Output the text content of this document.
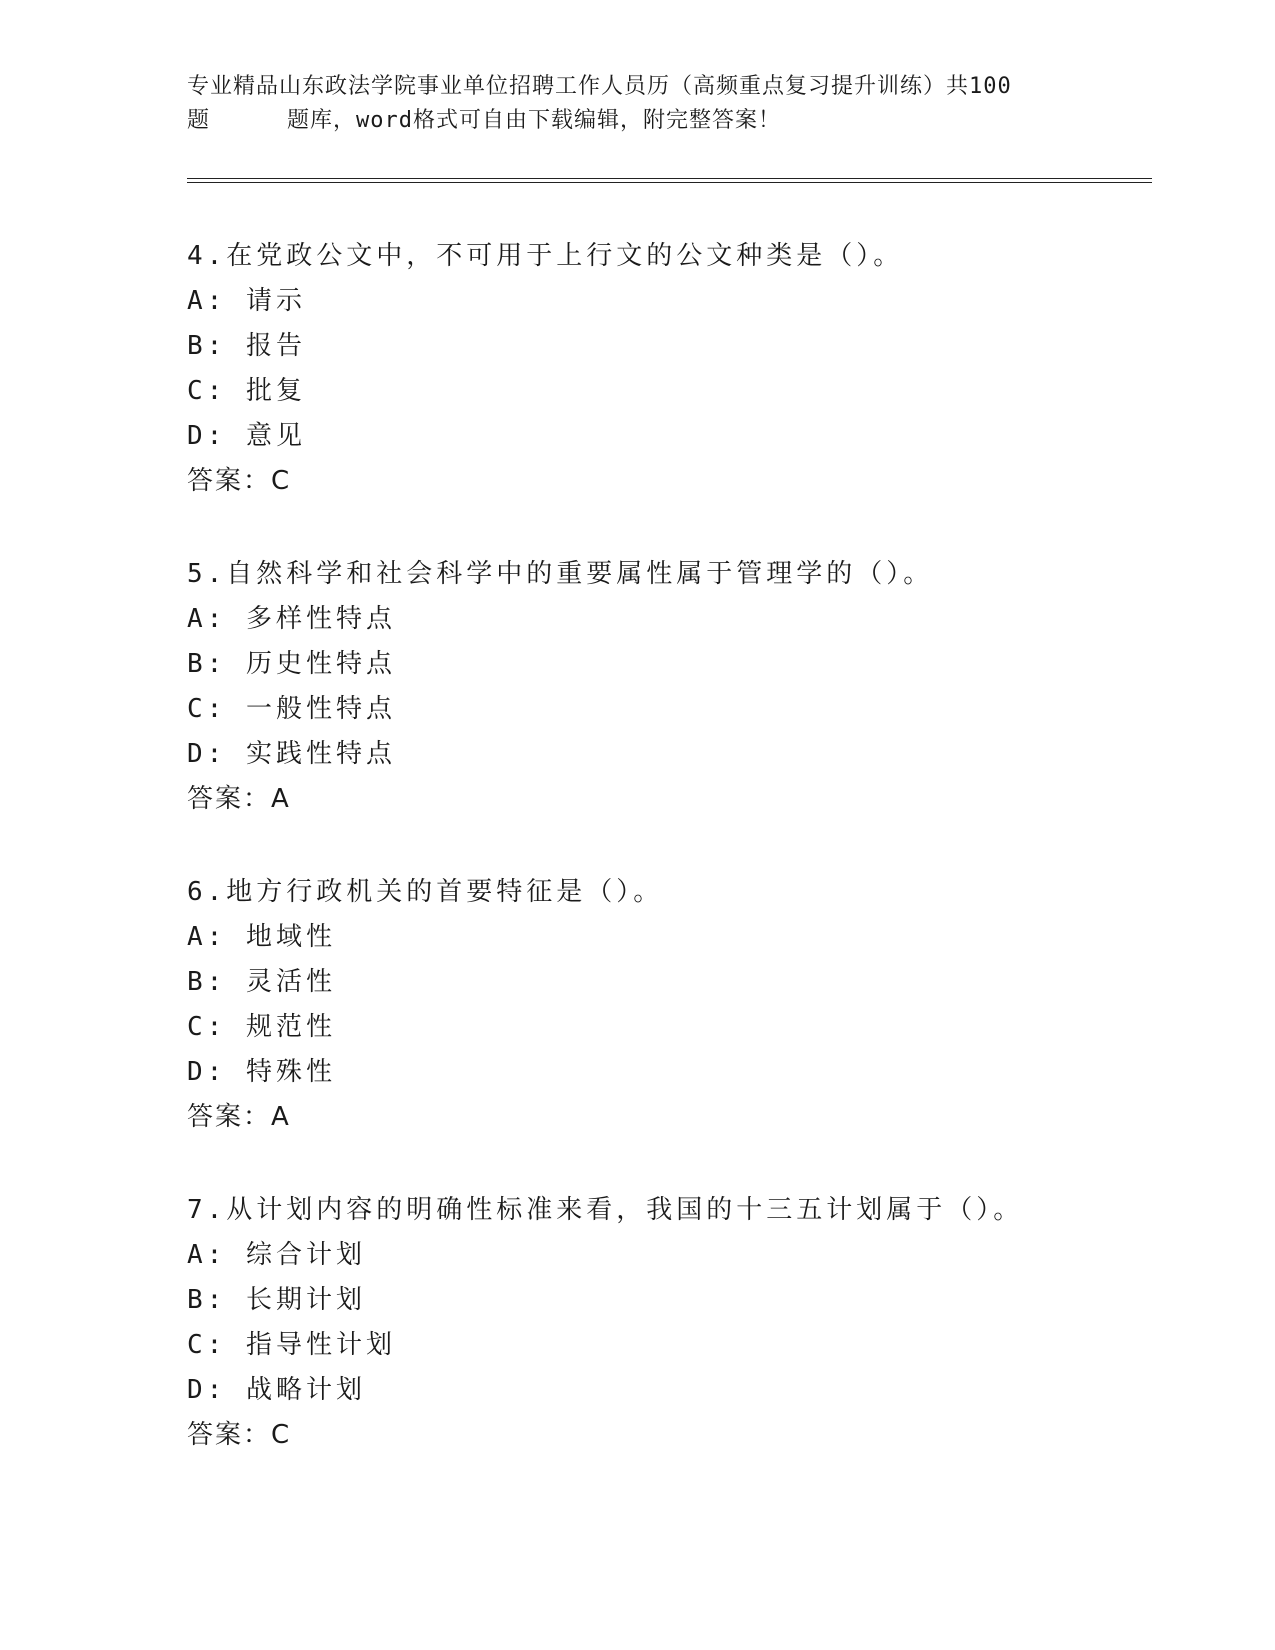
专业精品山东政法学院事业单位招聘工作人员历（高频重点复习提升训练）共100
题	题库，word格式可自由下载编辑，附完整答案！
4.在党政公文中，不可用于上行文的公文种类是（）。
A: 请示
B: 报告
C: 批复
D: 意见
答案：C
5.自然科学和社会科学中的重要属性属于管理学的（）。
A: 多样性特点
B: 历史性特点
C: 一般性特点
D: 实践性特点
答案：A
6.地方行政机关的首要特征是（）。
A: 地域性
B: 灵活性
C: 规范性
D: 特殊性
答案：A
7.从计划内容的明确性标准来看，我国的十三五计划属于（）。
A: 综合计划
B: 长期计划
C: 指导性计划
D: 战略计划
答案：C
